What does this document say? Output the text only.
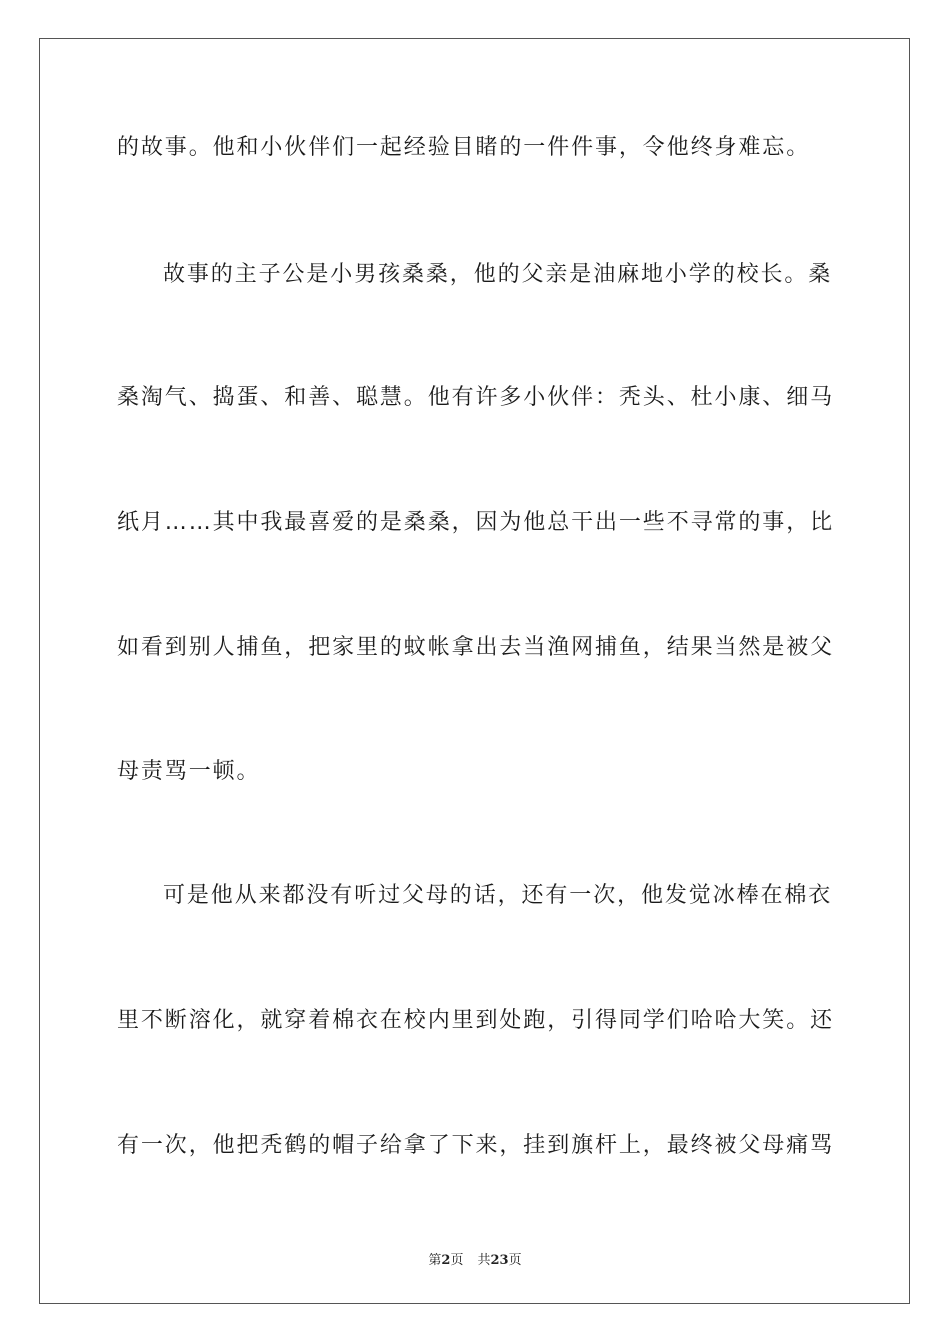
的故事。他和小伙伴们一起经验目睹的一件件事，令他终身难忘。
故事的主子公是小男孩桑桑，他的父亲是油麻地小学的校长。桑
桑淘气、捣蛋、和善、聪慧。他有许多小伙伴：秃头、杜小康、细马
纸月……其中我最喜爱的是桑桑，因为他总干出一些不寻常的事，比
如看到别人捕鱼，把家里的蚊帐拿出去当渔网捕鱼，结果当然是被父
母责骂一顿。
可是他从来都没有听过父母的话，还有一次，他发觉冰棒在棉衣
里不断溶化，就穿着棉衣在校内里到处跑，引得同学们哈哈大笑。还
有一次，他把秃鹤的帽子给拿了下来，挂到旗杆上，最终被父母痛骂
第2页 共23页
